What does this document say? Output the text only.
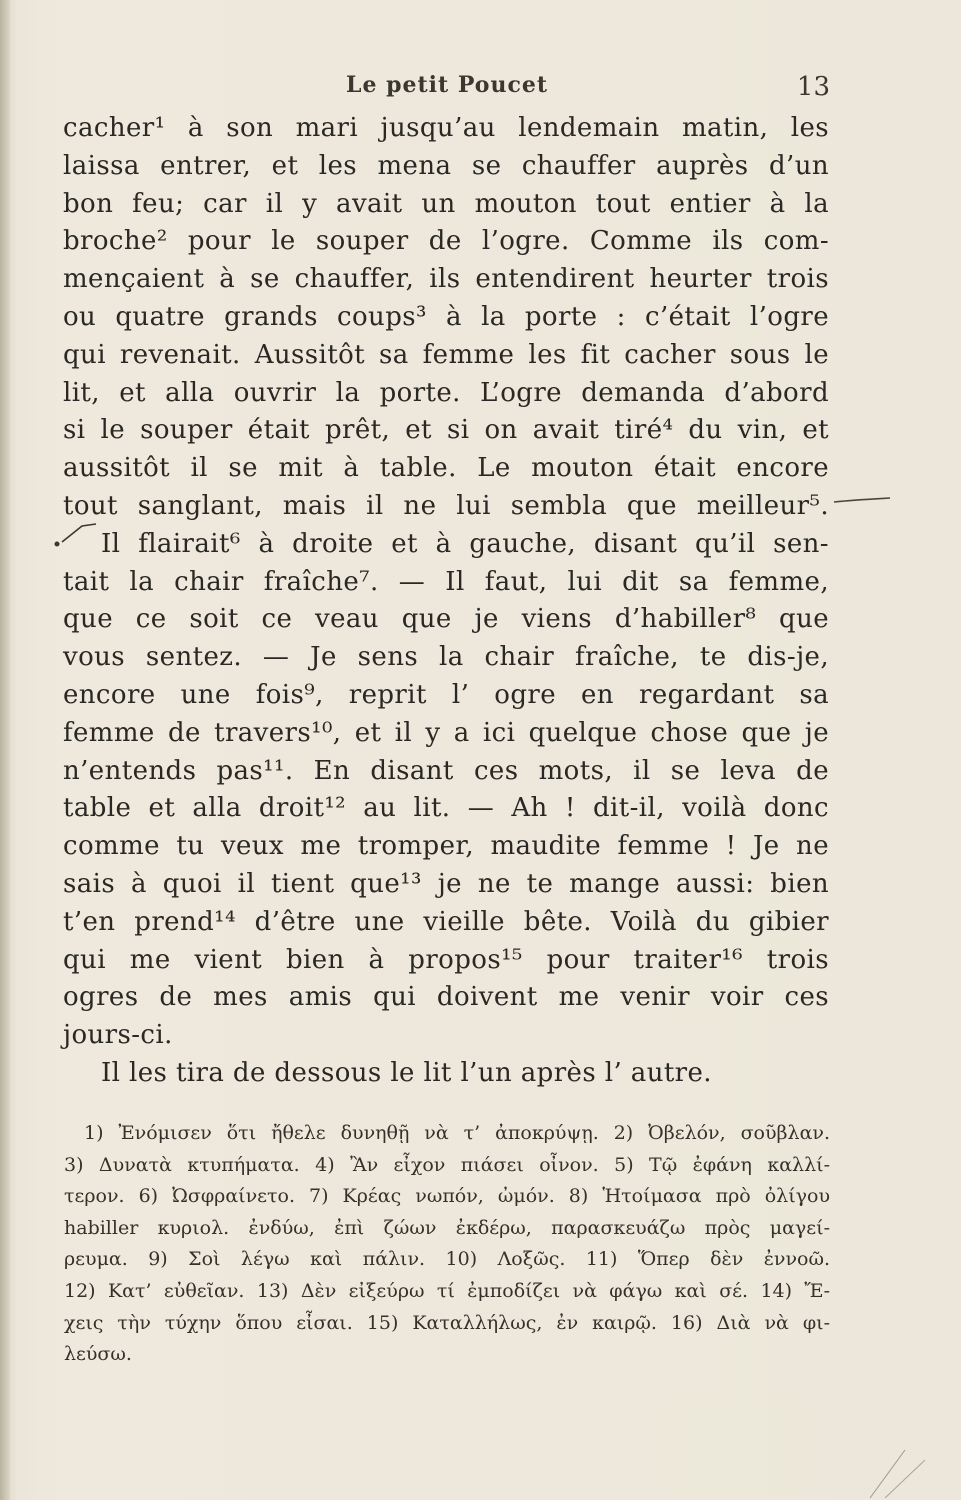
Le petit Poucet	13
cacher¹ à son mari jusqu’au lendemain matin, les
laissa entrer, et les mena se chauffer auprès d’un
bon feu; car il y avait un mouton tout entier à la
broche² pour le souper de l’ogre. Comme ils com-
mençaient à se chauffer, ils entendirent heurter trois
ou quatre grands coups³ à la porte : c’était l’ogre
qui revenait. Aussitôt sa femme les fit cacher sous le
lit, et alla ouvrir la porte. L’ogre demanda d’abord
si le souper était prêt, et si on avait tiré⁴ du vin, et
aussitôt il se mit à table. Le mouton était encore
tout sanglant, mais il ne lui sembla que meilleur⁵.
Il flairait⁶ à droite et à gauche, disant qu’il sen-
tait la chair fraîche⁷. — Il faut, lui dit sa femme,
que ce soit ce veau que je viens d’habiller⁸ que
vous sentez. — Je sens la chair fraîche, te dis-je,
encore une fois⁹, reprit l’ ogre en regardant sa
femme de travers¹⁰, et il y a ici quelque chose que je
n’entends pas¹¹. En disant ces mots, il se leva de
table et alla droit¹² au lit. — Ah ! dit-il, voilà donc
comme tu veux me tromper, maudite femme ! Je ne
sais à quoi il tient que¹³ je ne te mange aussi: bien
t’en prend¹⁴ d’être une vieille bête. Voilà du gibier
qui me vient bien à propos¹⁵ pour traiter¹⁶ trois
ogres de mes amis qui doivent me venir voir ces
jours-ci.
Il les tira de dessous le lit l’un après l’ autre.
1) Ἐνόμισεν ὅτι ἤθελε δυνηθῇ νὰ τ’ ἀποκρύψῃ. 2) Ὀβελόν, σοῦβλαν.
3) Δυνατὰ κτυπήματα. 4) Ἂν εἶχον πιάσει οἶνον. 5) Τῷ ἐφάνη καλλί-
τερον. 6) Ὠσφραίνετο. 7) Κρέας νωπόν, ὠμόν. 8) Ἡτοίμασα πρὸ ὀλίγου
habiller κυριολ. ἐνδύω, ἐπὶ ζώων ἐκδέρω, παρασκευάζω πρὸς μαγεί-
ρευμα. 9) Σοὶ λέγω καὶ πάλιν. 10) Λοξῶς. 11) Ὅπερ δὲν ἐννοῶ.
12) Κατ’ εὐθεῖαν. 13) Δὲν εἰξεύρω τί ἐμποδίζει νὰ φάγω καὶ σέ. 14) Ἔ-
χεις τὴν τύχην ὅπου εἶσαι. 15) Καταλλήλως, ἐν καιρῷ. 16) Διὰ νὰ φι-
λεύσω.
